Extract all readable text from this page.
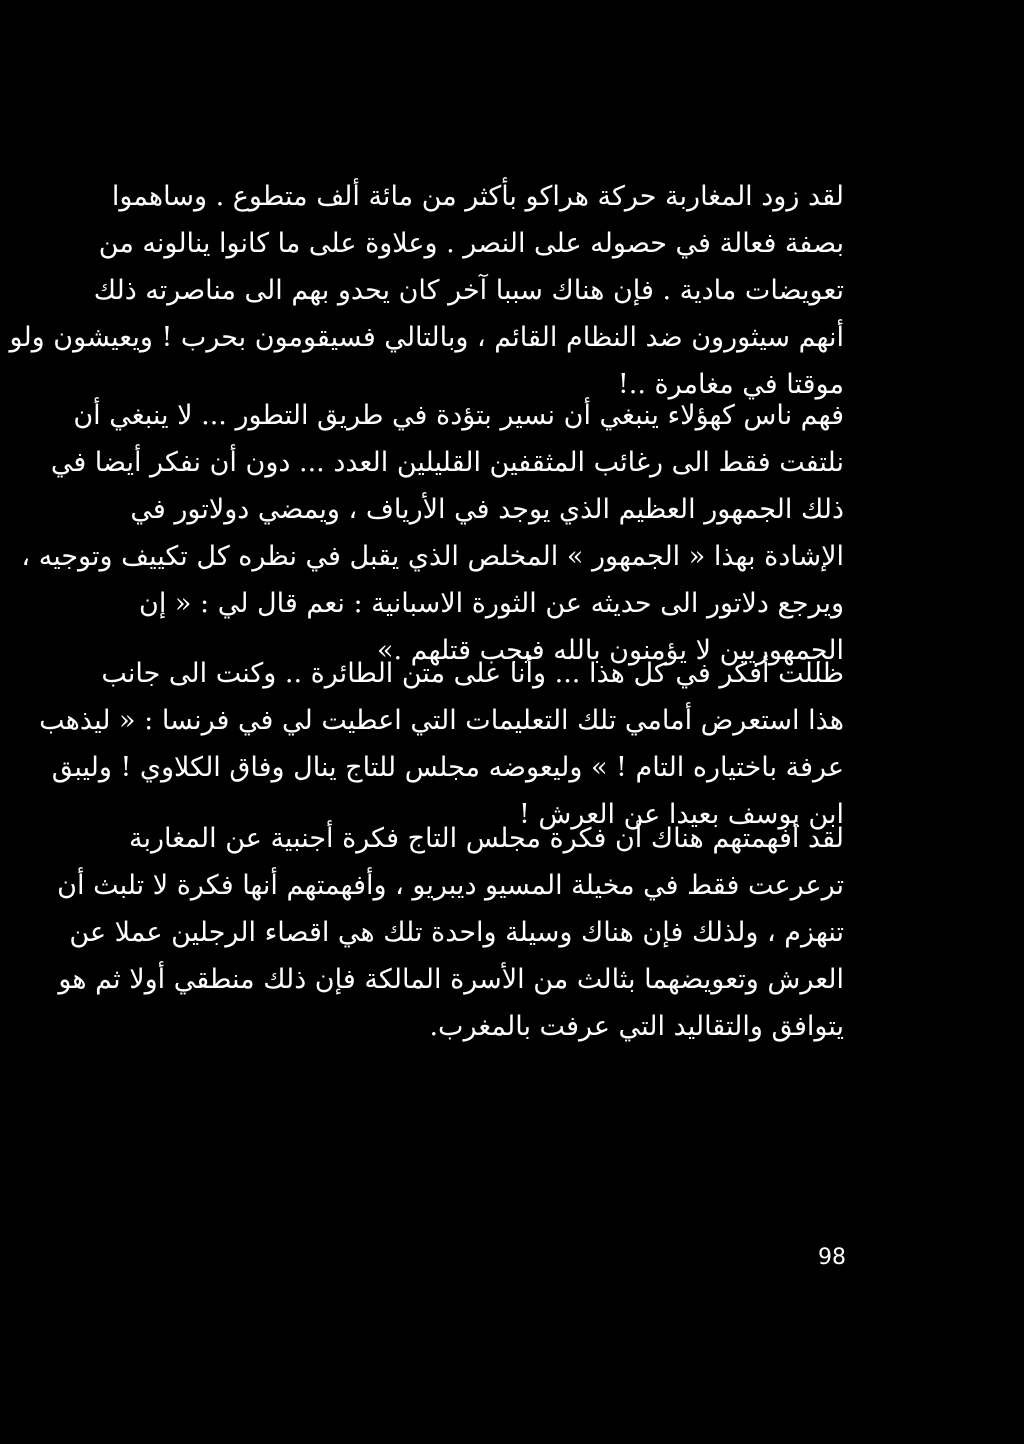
لقد زود المغاربة حركة هراكو بأكثر من مائة ألف متطوع . وساهموا
بصفة فعالة في حصوله على النصر . وعلاوة على ما كانوا ينالونه من
تعويضات مادية . فإن هناك سببا آخر كان يحدو بهم الى مناصرته ذلك
أنهم سيثورون ضد النظام القائم ، وبالتالي فسيقومون بحرب ! ويعيشون ولو
موقتا في مغامرة ..!
فهم ناس كهؤلاء ينبغي أن نسير بتؤدة في طريق التطور ... لا ينبغي أن
نلتفت فقط الى رغائب المثقفين القليلين العدد ... دون أن نفكر أيضا في
ذلك الجمهور العظيم الذي يوجد في الأرياف ، ويمضي دولاتور في
الإشادة بهذا « الجمهور » المخلص الذي يقبل في نظره كل تكييف وتوجيه ،
ويرجع دلاتور الى حديثه عن الثورة الاسبانية : نعم قال لي : « إن
الجمهوريين لا يؤمنون بالله فيجب قتلهم .»
ظللت أفكر في كل هذا ... وأنا على متن الطائرة .. وكنت الى جانب
هذا استعرض أمامي تلك التعليمات التي اعطيت لي في فرنسا : « ليذهب
عرفة باختياره التام ! » وليعوضه مجلس للتاج ينال وفاق الكلاوي ! وليبق
ابن يوسف بعيدا عن العرش !
لقد أفهمتهم هناك أن فكرة مجلس التاج فكرة أجنبية عن المغاربة
ترعرعت فقط في مخيلة المسيو ديبريو ، وأفهمتهم أنها فكرة لا تلبث أن
تنهزم ، ولذلك فإن هناك وسيلة واحدة تلك هي اقصاء الرجلين عملا عن
العرش وتعويضهما بثالث من الأسرة المالكة فإن ذلك منطقي أولا ثم هو
يتوافق والتقاليد التي عرفت بالمغرب.
98
